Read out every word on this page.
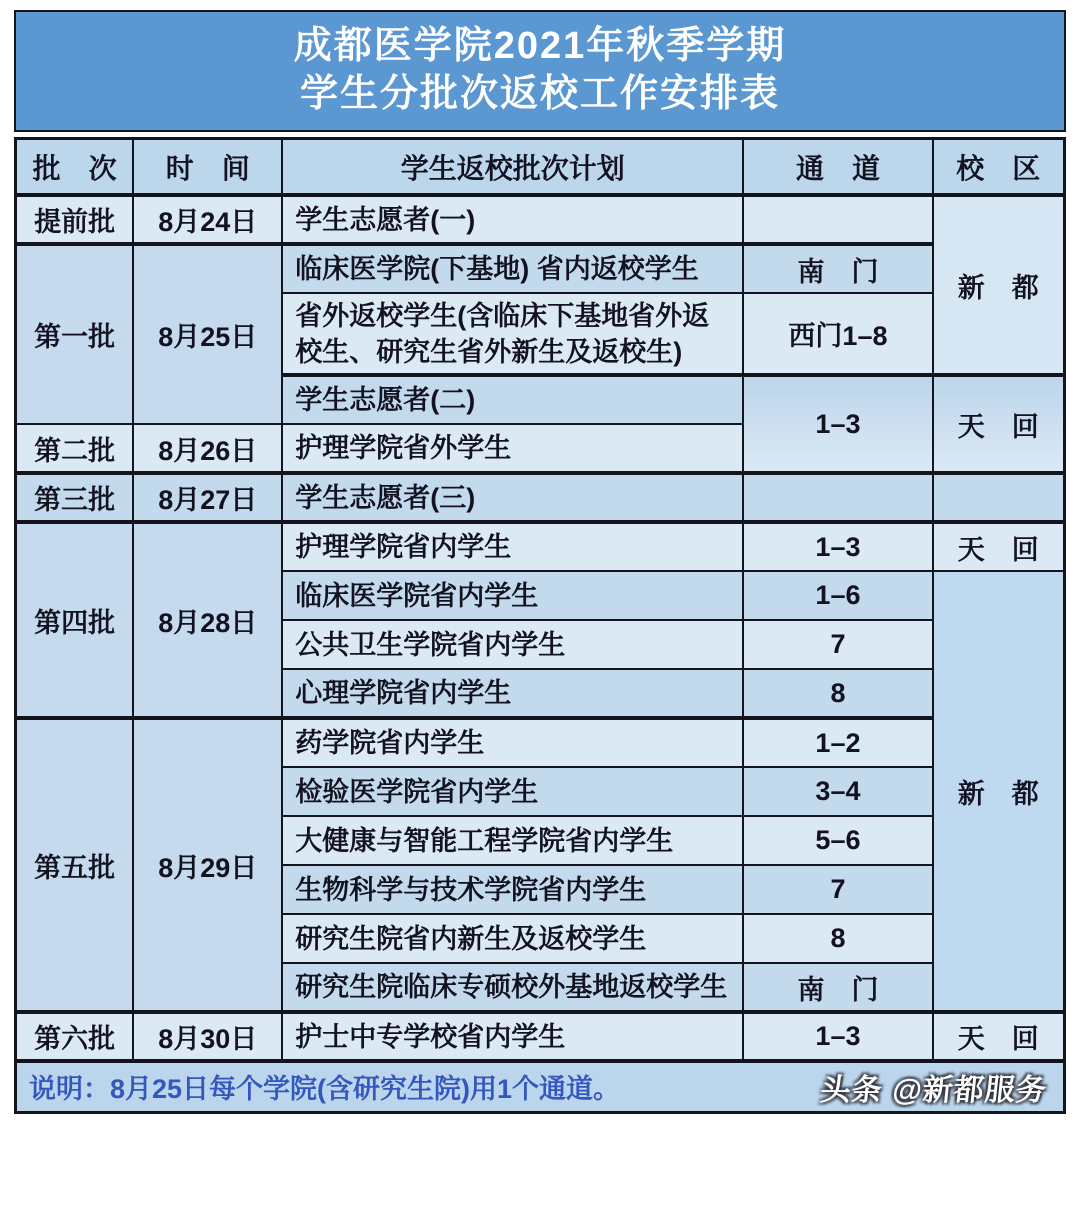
成都医学院2021年秋季学期
学生分批次返校工作安排表
批　次	时　间	学生返校批次计划	通　道	校　区
提前批	8月24日	学生志愿者(一)		新　都
第一批	8月25日	临床医学院(下基地) 省内返校学生	南　门	
		省外返校学生(含临床下基地省外返校生、研究生省外新生及返校生)	西门1–8	
		学生志愿者(二)	1–3	天　回
第二批	8月26日	护理学院省外学生		
第三批	8月27日	学生志愿者(三)		
第四批	8月28日	护理学院省内学生	1–3	天　回
		临床医学院省内学生	1–6	新　都
		公共卫生学院省内学生	7	
		心理学院省内学生	8	
第五批	8月29日	药学院省内学生	1–2	
		检验医学院省内学生	3–4	
		大健康与智能工程学院省内学生	5–6	
		生物科学与技术学院省内学生	7	
		研究生院省内新生及返校学生	8	
		研究生院临床专硕校外基地返校学生	南　门	
第六批	8月30日	护士中专学校省内学生	1–3	天　回
说明：8月25日每个学院(含研究生院)用1个通道。 头条 @新都服务				
